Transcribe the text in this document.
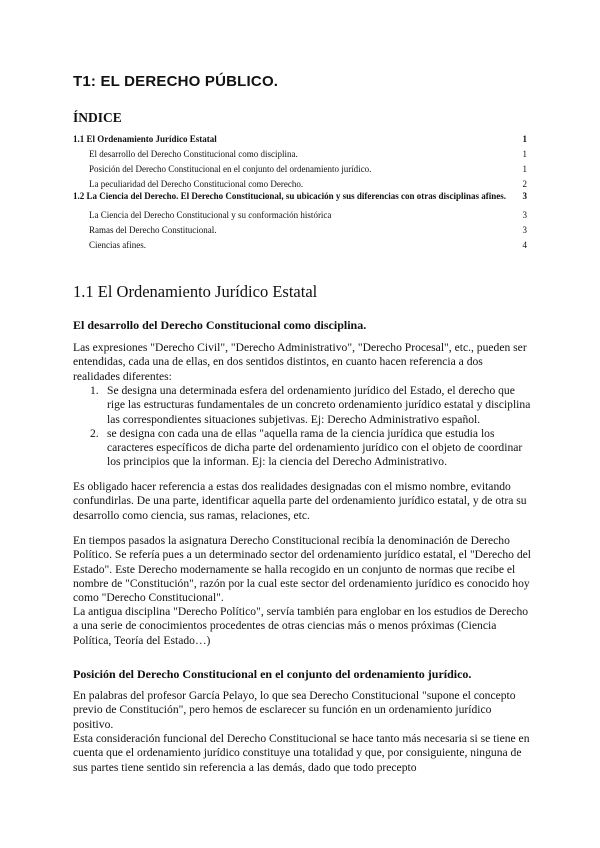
T1: EL DERECHO PÚBLICO.
ÍNDICE
1.1 El Ordenamiento Jurídico Estatal	1
El desarrollo del Derecho Constitucional como disciplina.	1
Posición del Derecho Constitucional en el conjunto del ordenamiento jurídico.	1
La peculiaridad del Derecho Constitucional como Derecho.	2
1.2 La Ciencia del Derecho. El Derecho Constitucional, su ubicación y sus diferencias con otras disciplinas afines.	3
La Ciencia del Derecho Constitucional y su conformación histórica	3
Ramas del Derecho Constitucional.	3
Ciencias afines.	4
1.1 El Ordenamiento Jurídico Estatal
El desarrollo del Derecho Constitucional como disciplina.
Las expresiones "Derecho Civil", "Derecho Administrativo", "Derecho Procesal", etc., pueden ser entendidas, cada una de ellas, en dos sentidos distintos, en cuanto hacen referencia a dos realidades diferentes:
1. Se designa una determinada esfera del ordenamiento jurídico del Estado, el derecho que rige las estructuras fundamentales de un concreto ordenamiento jurídico estatal y disciplina las correspondientes situaciones subjetivas. Ej: Derecho Administrativo español.
2. se designa con cada una de ellas "aquella rama de la ciencia jurídica que estudia los caracteres específicos de dicha parte del ordenamiento jurídico con el objeto de coordinar los principios que la informan. Ej: la ciencia del Derecho Administrativo.
Es obligado hacer referencia a estas dos realidades designadas con el mismo nombre, evitando confundirlas. De una parte, identificar aquella parte del ordenamiento jurídico estatal, y de otra su desarrollo como ciencia, sus ramas, relaciones, etc.
En tiempos pasados la asignatura Derecho Constitucional recibía la denominación de Derecho Político. Se refería pues a un determinado sector del ordenamiento jurídico estatal, el "Derecho del Estado". Este Derecho modernamente se halla recogido en un conjunto de normas que recibe el nombre de "Constitución", razón por la cual este sector del ordenamiento jurídico es conocido hoy como "Derecho Constitucional".
La antigua disciplina "Derecho Político", servía también para englobar en los estudios de Derecho a una serie de conocimientos procedentes de otras ciencias más o menos próximas (Ciencia Política, Teoría del Estado…)
Posición del Derecho Constitucional en el conjunto del ordenamiento jurídico.
En palabras del profesor García Pelayo, lo que sea Derecho Constitucional "supone el concepto previo de Constitución", pero hemos de esclarecer su función en un ordenamiento jurídico positivo.
Esta consideración funcional del Derecho Constitucional se hace tanto más necesaria si se tiene en cuenta que el ordenamiento jurídico constituye una totalidad y que, por consiguiente, ninguna de sus partes tiene sentido sin referencia a las demás, dado que todo precepto
